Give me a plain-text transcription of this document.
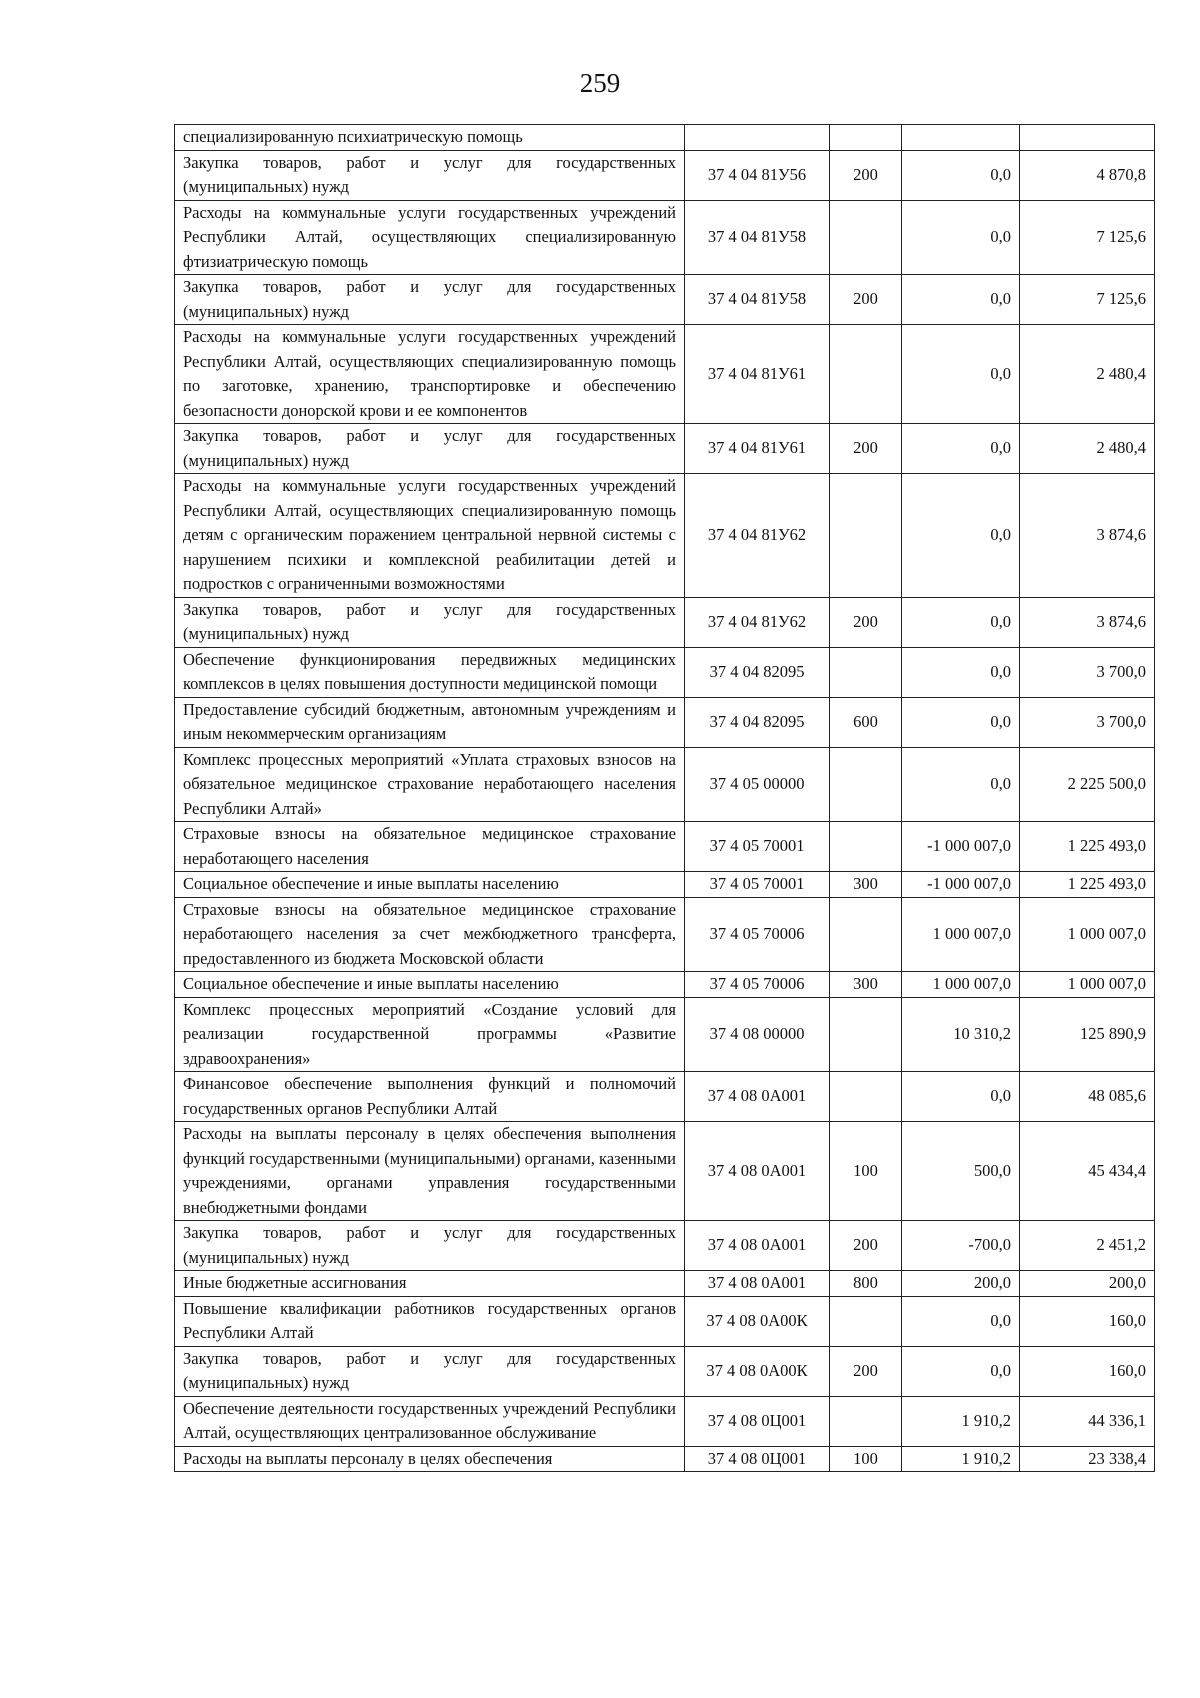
259
специализированную психиатрическую помощь				
Закупка товаров, работ и услуг для государственных (муниципальных) нужд	37 4 04 81У56	200	0,0	4 870,8
Расходы на коммунальные услуги государственных учреждений Республики Алтай, осуществляющих специализированную фтизиатрическую помощь	37 4 04 81У58		0,0	7 125,6
Закупка товаров, работ и услуг для государственных (муниципальных) нужд	37 4 04 81У58	200	0,0	7 125,6
Расходы на коммунальные услуги государственных учреждений Республики Алтай, осуществляющих специализированную помощь по заготовке, хранению, транспортировке и обеспечению безопасности донорской крови и ее компонентов	37 4 04 81У61		0,0	2 480,4
Закупка товаров, работ и услуг для государственных (муниципальных) нужд	37 4 04 81У61	200	0,0	2 480,4
Расходы на коммунальные услуги государственных учреждений Республики Алтай, осуществляющих специализированную помощь детям с органическим поражением центральной нервной системы с нарушением психики и комплексной реабилитации детей и подростков с ограниченными возможностями	37 4 04 81У62		0,0	3 874,6
Закупка товаров, работ и услуг для государственных (муниципальных) нужд	37 4 04 81У62	200	0,0	3 874,6
Обеспечение функционирования передвижных медицинских комплексов в целях повышения доступности медицинской помощи	37 4 04 82095		0,0	3 700,0
Предоставление субсидий бюджетным, автономным учреждениям и иным некоммерческим организациям	37 4 04 82095	600	0,0	3 700,0
Комплекс процессных мероприятий «Уплата страховых взносов на обязательное медицинское страхование неработающего населения Республики Алтай»	37 4 05 00000		0,0	2 225 500,0
Страховые взносы на обязательное медицинское страхование неработающего населения	37 4 05 70001		-1 000 007,0	1 225 493,0
Социальное обеспечение и иные выплаты населению	37 4 05 70001	300	-1 000 007,0	1 225 493,0
Страховые взносы на обязательное медицинское страхование неработающего населения за счет межбюджетного трансферта, предоставленного из бюджета Московской области	37 4 05 70006		1 000 007,0	1 000 007,0
Социальное обеспечение и иные выплаты населению	37 4 05 70006	300	1 000 007,0	1 000 007,0
Комплекс процессных мероприятий «Создание условий для реализации государственной программы «Развитие здравоохранения»	37 4 08 00000		10 310,2	125 890,9
Финансовое обеспечение выполнения функций и полномочий государственных органов Республики Алтай	37 4 08 0А001		0,0	48 085,6
Расходы на выплаты персоналу в целях обеспечения выполнения функций государственными (муниципальными) органами, казенными учреждениями, органами управления государственными внебюджетными фондами	37 4 08 0А001	100	500,0	45 434,4
Закупка товаров, работ и услуг для государственных (муниципальных) нужд	37 4 08 0А001	200	-700,0	2 451,2
Иные бюджетные ассигнования	37 4 08 0А001	800	200,0	200,0
Повышение квалификации работников государственных органов Республики Алтай	37 4 08 0А00К		0,0	160,0
Закупка товаров, работ и услуг для государственных (муниципальных) нужд	37 4 08 0А00К	200	0,0	160,0
Обеспечение деятельности государственных учреждений Республики Алтай, осуществляющих централизованное обслуживание	37 4 08 0Ц001		1 910,2	44 336,1
Расходы на выплаты персоналу в целях обеспечения	37 4 08 0Ц001	100	1 910,2	23 338,4
